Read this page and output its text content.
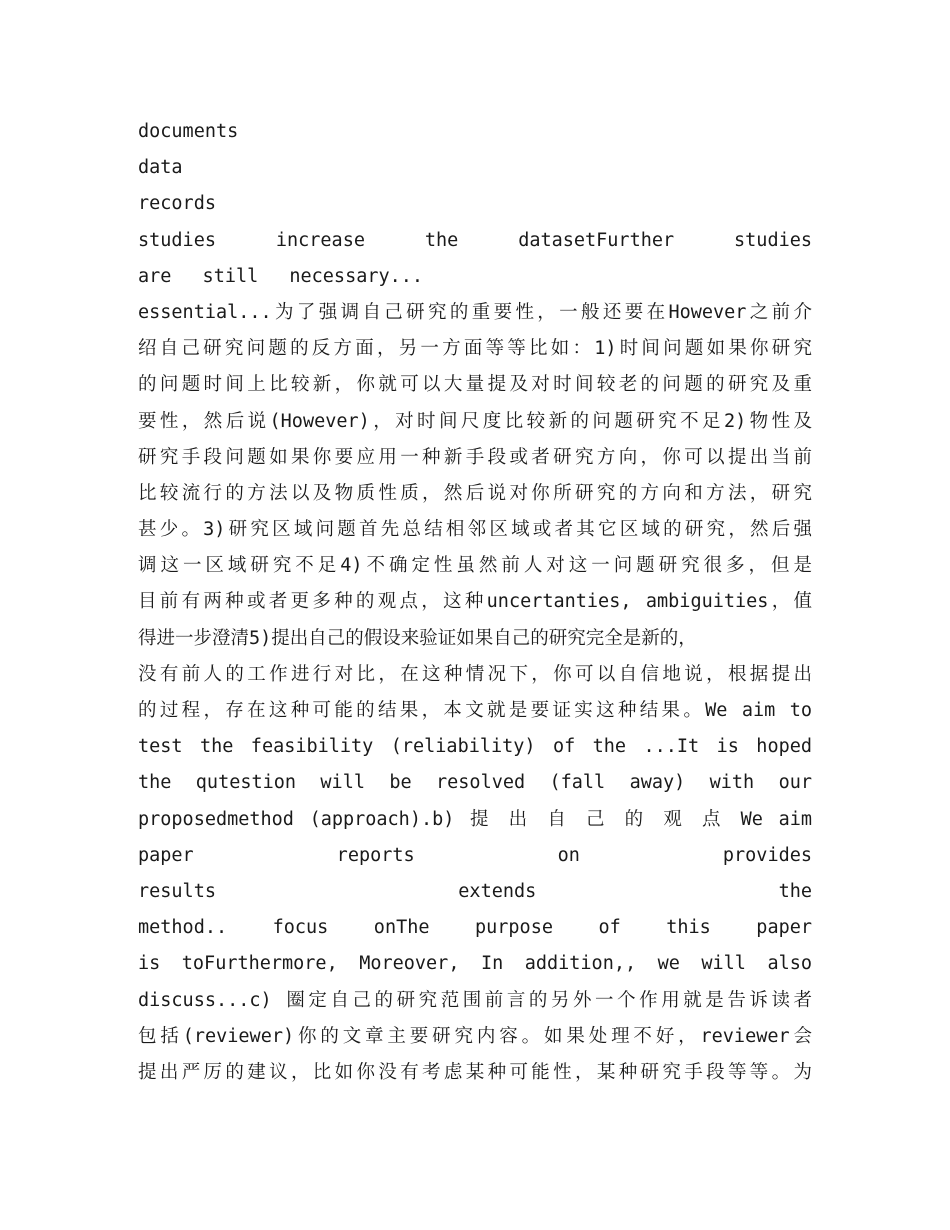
documents
data
records
studies increase the datasetFurther studies
are still necessary...
essential...为了强调自己研究的重要性，一般还要在However之前介
绍自己研究问题的反方面，另一方面等等比如：1)时间问题如果你研究
的问题时间上比较新，你就可以大量提及对时间较老的问题的研究及重
要性，然后说(However)，对时间尺度比较新的问题研究不足2)物性及
研究手段问题如果你要应用一种新手段或者研究方向，你可以提出当前
比较流行的方法以及物质性质，然后说对你所研究的方向和方法，研究
甚少。3)研究区域问题首先总结相邻区域或者其它区域的研究，然后强
调这一区域研究不足4)不确定性虽然前人对这一问题研究很多，但是
目前有两种或者更多种的观点，这种uncertanties, ambiguities，值
得进一步澄清5)提出自己的假设来验证如果自己的研究完全是新的，
没有前人的工作进行对比，在这种情况下，你可以自信地说，根据提出
的过程，存在这种可能的结果，本文就是要证实这种结果。We aim to
test the feasibility (reliability) of the ...It is hoped
the qutestion will be resolved (fall away) with our
proposedmethod (approach).b) 提 出 自 己 的 观 点 We aim
paper reports on provides
results extends the
method.. focus onThe purpose of this paper
is toFurthermore, Moreover, In addition,, we will also
discuss...c) 圈定自己的研究范围前言的另外一个作用就是告诉读者
包括(reviewer)你的文章主要研究内容。如果处理不好，reviewer会
提出严厉的建议，比如你没有考虑某种可能性，某种研究手段等等。为
